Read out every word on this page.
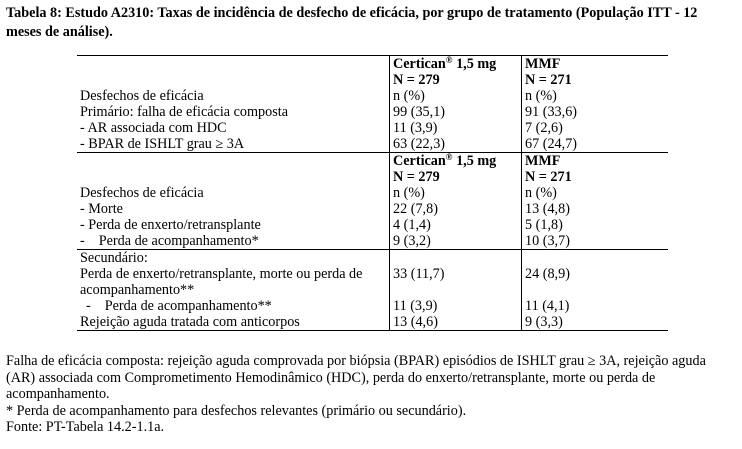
Tabela 8: Estudo A2310: Taxas de incidência de desfecho de eficácia, por grupo de tratamento (População ITT - 12 meses de análise).
	Certican® 1,5 mg	MMF
	N = 279	N = 271
Desfechos de eficácia	n (%)	n (%)
Primário: falha de eficácia composta	99 (35,1)	91 (33,6)
- AR associada com HDC	11 (3,9)	7 (2,6)
- BPAR de ISHLT grau ≥ 3A	63 (22,3)	67 (24,7)
	Certican® 1,5 mg	MMF
	N = 279	N = 271
Desfechos de eficácia	n (%)	n (%)
- Morte	22 (7,8)	13 (4,8)
- Perda de enxerto/retransplante	4 (1,4)	5 (1,8)
- Perda de acompanhamento*	9 (3,2)	10 (3,7)
Secundário:		
Perda de enxerto/retransplante, morte ou perda de acompanhamento**	33 (11,7)	24 (8,9)
- Perda de acompanhamento**	11 (3,9)	11 (4,1)
Rejeição aguda tratada com anticorpos	13 (4,6)	9 (3,3)
Falha de eficácia composta: rejeição aguda comprovada por biópsia (BPAR) episódios de ISHLT grau ≥ 3A, rejeição aguda (AR) associada com Comprometimento Hemodinâmico (HDC), perda do enxerto/retransplante, morte ou perda de acompanhamento.
* Perda de acompanhamento para desfechos relevantes (primário ou secundário).
Fonte: PT-Tabela 14.2-1.1a.
